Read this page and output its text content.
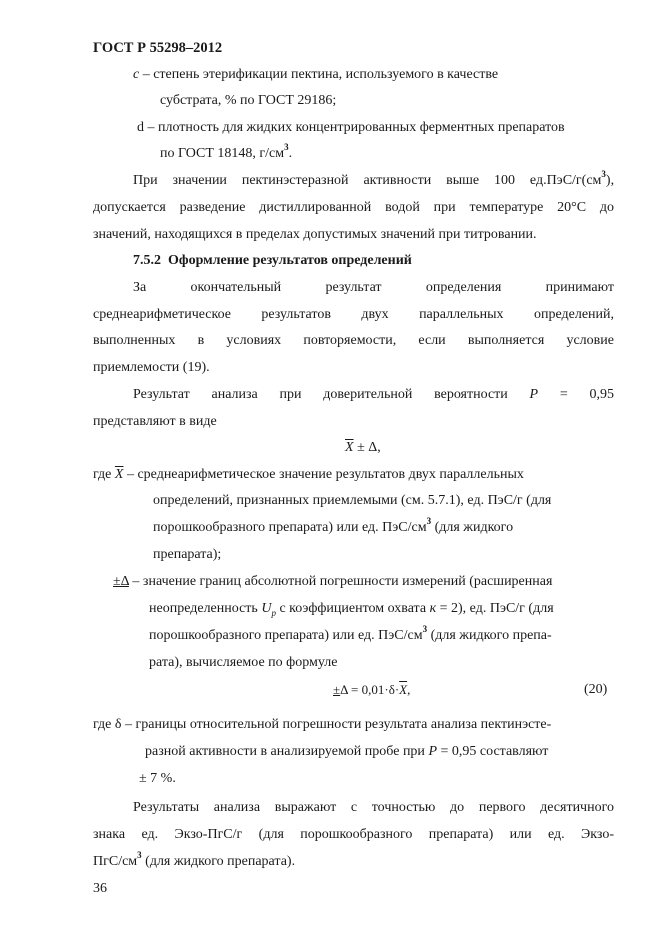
ГОСТ Р 55298–2012
c – степень этерификации пектина, используемого в качестве
субстрата, % по ГОСТ 29186;
d – плотность для жидких концентрированных ферментных препаратов
по ГОСТ 18148, $г/см^3$.
При значении пектинэстеразной активности выше 100 $ед.ПэС/г(см^3)$,
допускается разведение дистиллированной водой при температуре 20°С до
значений, находящихся в пределах допустимых значений при титровании.
7.5.2 Оформление результатов определений
За	окончательный	результат	определения	принимают
среднеарифметическое результатов двух параллельных определений,
выполненных в условиях повторяемости, если выполняется условие
приемлемости (19).
Результат анализа при доверительной вероятности P = 0,95
представляют в виде
$\overline{X} \pm \Delta$,
где $\overline{X}$ – среднеарифметическое значение результатов двух параллельных
определений, признанных приемлемыми (см. 5.7.1), ед. ПэС/г (для
порошкообразного препарата) или ед. ПэС/$см^3$ (для жидкого
препарата);
±Δ – значение границ абсолютной погрешности измерений (расширенная
неопределенность $U_p$ с коэффициентом охвата к = 2), ед. ПэС/г (для
порошкообразного препарата) или ед. ПэС/$см^3$ (для жидкого препа-
рата), вычисляемое по формуле
$\pm\Delta = 0,01\cdot\delta\cdot\overline{X}$,	(20)
где δ – границы относительной погрешности результата анализа пектинэсте-
разной активности в анализируемой пробе при P = 0,95 составляют
± 7 %.
Результаты анализа выражают с точностью до первого десятичного
знака ед. Экзо-ПгС/г (для порошкообразного препарата) или ед. Экзо-
ПгС/$см^3$ (для жидкого препарата).
36
